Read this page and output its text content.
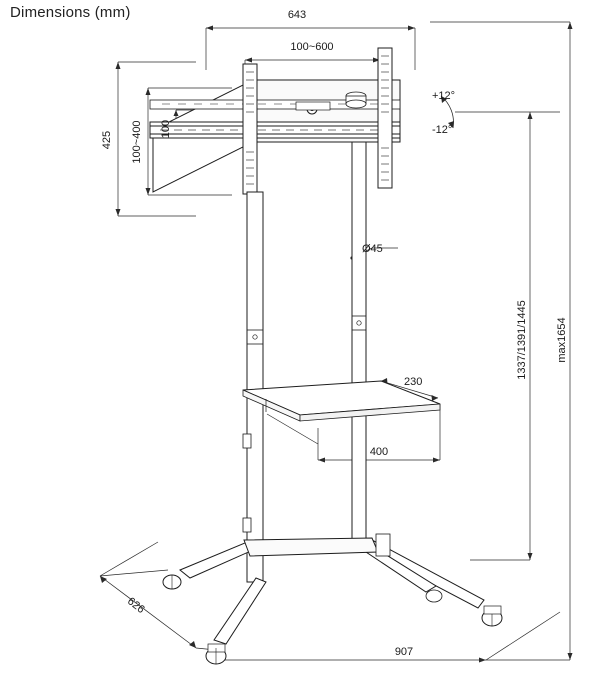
Dimensions (mm)	643
100~600
425 100~400 100
+12°
-12°
Ø45
230
400
1337/1391/1445	max1654
626
907
